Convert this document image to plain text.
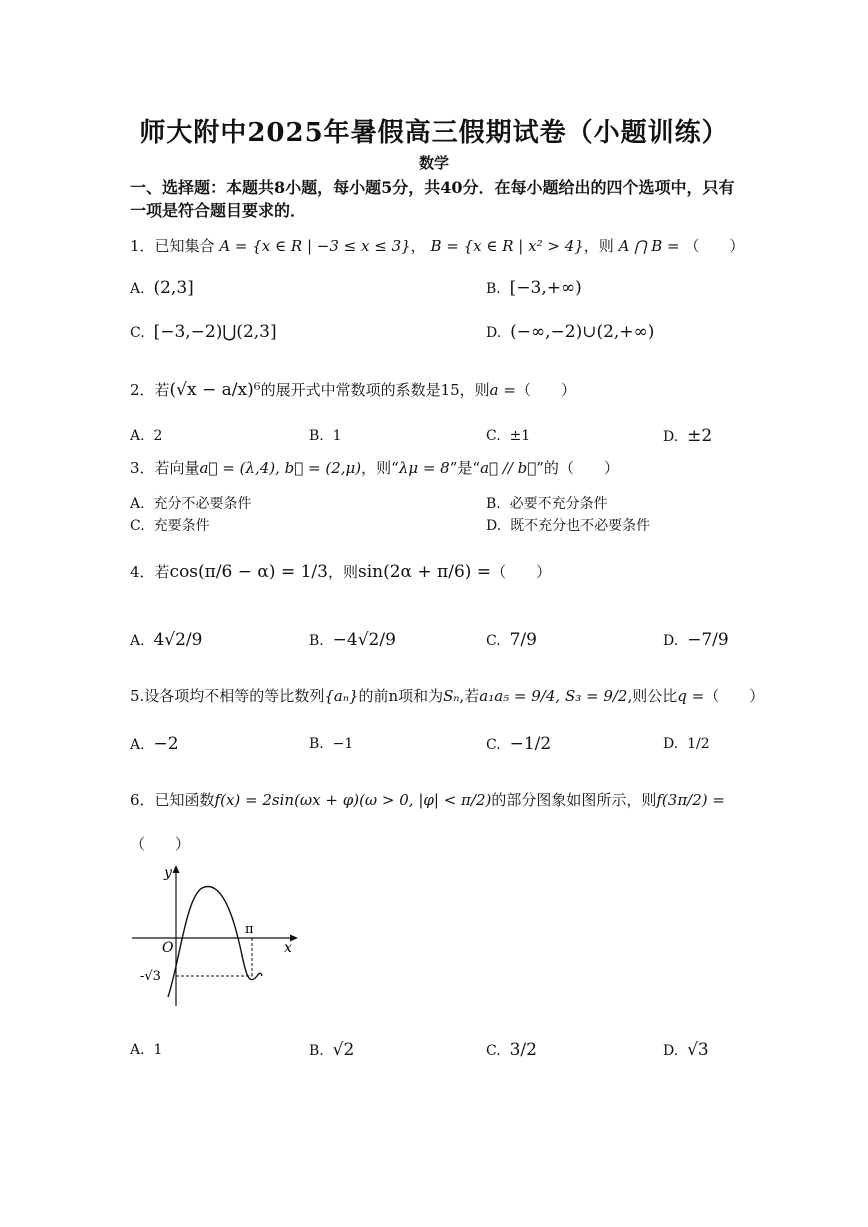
师大附中2025年暑假高三假期试卷（小题训练）
数学
一、选择题：本题共8小题，每小题5分，共40分．在每小题给出的四个选项中，只有一项是符合题目要求的．
1．已知集合 A = {x ∈ R | −3 ≤ x ≤ 3}， B = {x ∈ R | x² > 4}，则 A ⋂ B = （　　）
A. (2,3]	B. [−3,+∞)
C. [−3,−2)⋃(2,3]	D. (−∞,−2)∪(2,+∞)
2．若(√x − a/x)⁶的展开式中常数项的系数是15，则a =（　　）
A. 2	B. 1	C. ±1	D. ±2
3．若向量a⃗ = (λ,4), b⃗ = (2,μ)，则“λμ = 8”是“a⃗ // b⃗”的（　　）
A. 充分不必要条件	B. 必要不充分条件
C. 充要条件	D. 既不充分也不必要条件
4．若cos(π/6 − α) = 1/3，则sin(2α + π/6) =（　　）
A. 4√2/9	B. −4√2/9	C. 7/9	D. −7/9
5.设各项均不相等的等比数列{aₙ}的前n项和为Sₙ,若a₁a₅ = 9/4, S₃ = 9/2,则公比q =（　　）
A. −2	B. −1	C. −1/2	D. 1/2
6．已知函数f(x) = 2sin(ωx + φ)(ω > 0, |φ| < π/2)的部分图象如图所示，则f(3π/2) =
（　　）
y
x
O
π
-√3
A. 1	B. √2	C. 3/2	D. √3
